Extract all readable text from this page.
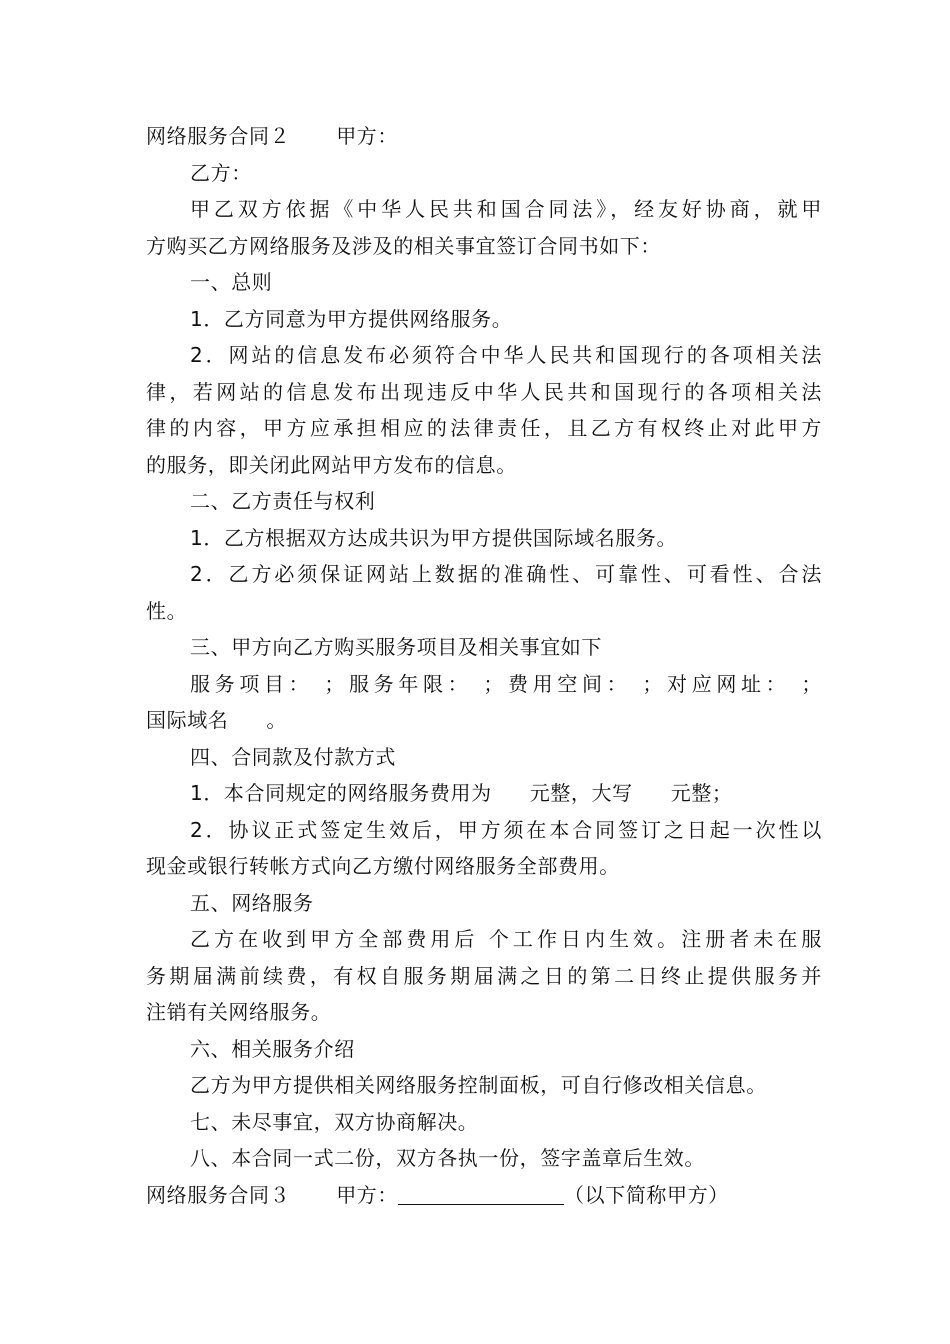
网络服务合同２ 甲方：
乙方：
甲乙双方依据《中华人民共和国合同法》，经友好协商，就甲
方购买乙方网络服务及涉及的相关事宜签订合同书如下：
一、总则
1．乙方同意为甲方提供网络服务。
2．网站的信息发布必须符合中华人民共和国现行的各项相关法
律，若网站的信息发布出现违反中华人民共和国现行的各项相关法
律的内容，甲方应承担相应的法律责任，且乙方有权终止对此甲方
的服务，即关闭此网站甲方发布的信息。
二、乙方责任与权利
1．乙方根据双方达成共识为甲方提供国际域名服务。
2．乙方必须保证网站上数据的准确性、可靠性、可看性、合法
性。
三、甲方向乙方购买服务项目及相关事宜如下
服务项目： ；服务年限： ；费用空间： ；对应网址： ；
国际域名 。
四、合同款及付款方式
1．本合同规定的网络服务费用为 元整，大写 元整；
2．协议正式签定生效后，甲方须在本合同签订之日起一次性以
现金或银行转帐方式向乙方缴付网络服务全部费用。
五、网络服务
乙方在收到甲方全部费用后 个工作日内生效。注册者未在服
务期届满前续费，有权自服务期届满之日的第二日终止提供服务并
注销有关网络服务。
六、相关服务介绍
乙方为甲方提供相关网络服务控制面板，可自行修改相关信息。
七、未尽事宜，双方协商解决。
八、本合同一式二份，双方各执一份，签字盖章后生效。
网络服务合同３ 甲方：	（以下简称甲方）
